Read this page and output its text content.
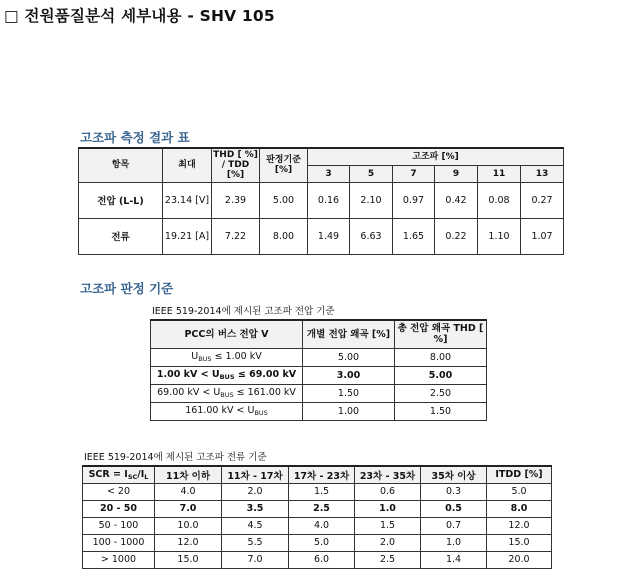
□ 전원품질분석 세부내용 - SHV 105
고조파 측정 결과 표
항목	최대	THD [ %] / TDD [%]	판정기준 [%]	고조파 [%]					
				3	5	7	9	11	13
전압 (L-L)	23.14 [V]	2.39	5.00	0.16	2.10	0.97	0.42	0.08	0.27
전류	19.21 [A]	7.22	8.00	1.49	6.63	1.65	0.22	1.10	1.07
고조파 판정 기준
IEEE 519-2014에 제시된 고조파 전압 기준
PCC의 버스 전압 V	개별 전압 왜곡 [%]	총 전압 왜곡 THD [ %]
$U_{BUS} \le 1.00$ kV	5.00	8.00
1.00 kV < $U_{BUS} \le 69.00$ kV	3.00	5.00
69.00 kV < $U_{BUS} \le 161.00$ kV	1.50	2.50
161.00 kV < $U_{BUS}$	1.00	1.50
IEEE 519-2014에 제시된 고조파 전류 기준
SCR = $I_{SC}/I_L$	11차 이하	11차 - 17차	17차 - 23차	23차 - 35차	35차 이상	ITDD [%]
< 20	4.0	2.0	1.5	0.6	0.3	5.0
20 - 50	7.0	3.5	2.5	1.0	0.5	8.0
50 - 100	10.0	4.5	4.0	1.5	0.7	12.0
100 - 1000	12.0	5.5	5.0	2.0	1.0	15.0
> 1000	15.0	7.0	6.0	2.5	1.4	20.0
